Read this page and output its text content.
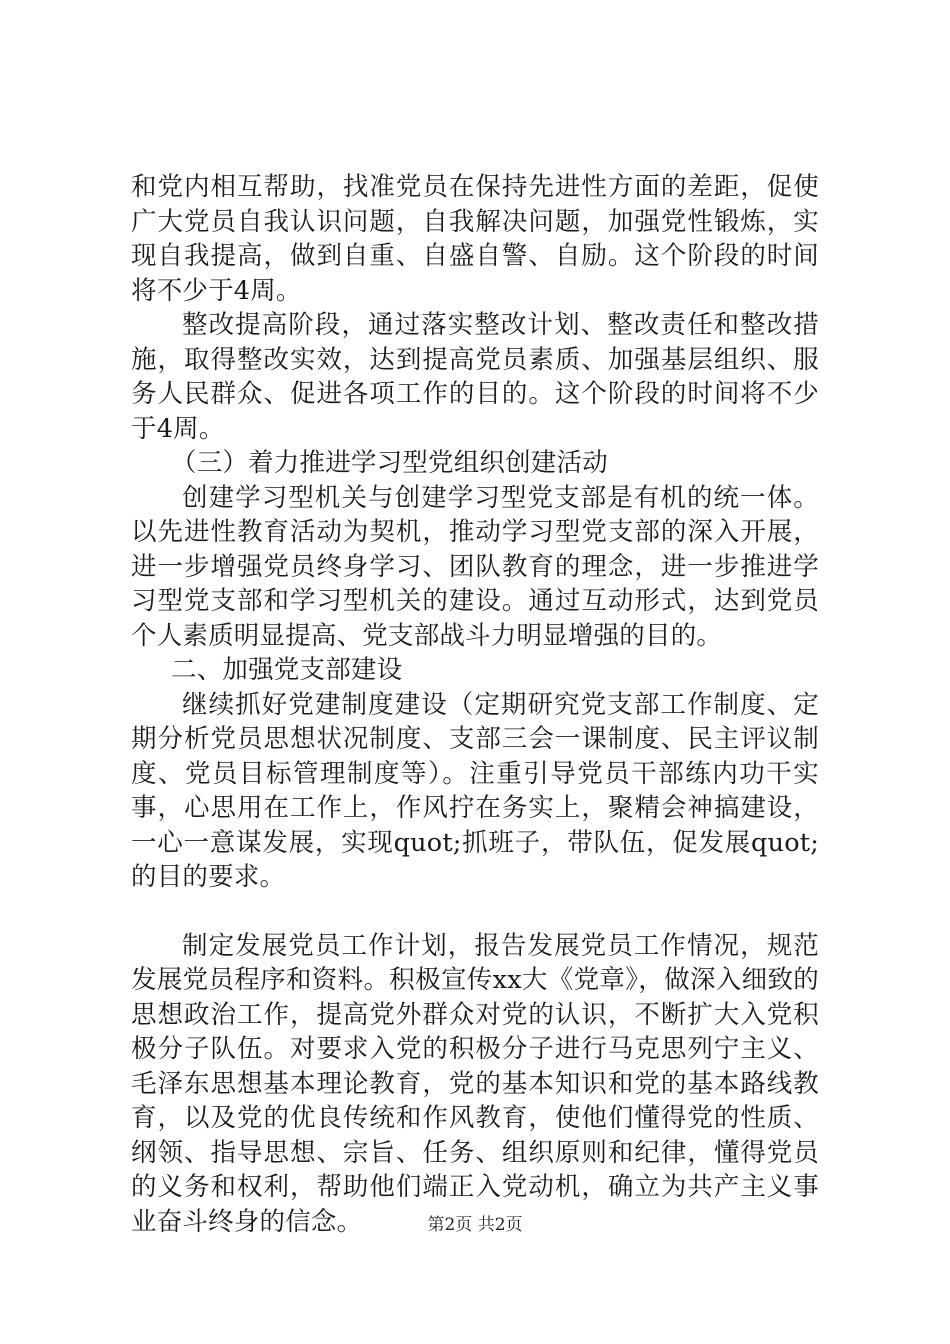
和党内相互帮助，找准党员在保持先进性方面的差距，促使广大党员自我认识问题，自我解决问题，加强党性锻炼，实现自我提高，做到自重、自盛自警、自励。这个阶段的时间将不少于4周。

整改提高阶段，通过落实整改计划、整改责任和整改措施，取得整改实效，达到提高党员素质、加强基层组织、服务人民群众、促进各项工作的目的。这个阶段的时间将不少于4周。

（三）着力推进学习型党组织创建活动

创建学习型机关与创建学习型党支部是有机的统一体。以先进性教育活动为契机，推动学习型党支部的深入开展，进一步增强党员终身学习、团队教育的理念，进一步推进学习型党支部和学习型机关的建设。通过互动形式，达到党员个人素质明显提高、党支部战斗力明显增强的目的。

二、加强党支部建设

继续抓好党建制度建设（定期研究党支部工作制度、定期分析党员思想状况制度、支部三会一课制度、民主评议制度、党员目标管理制度等）。注重引导党员干部练内功干实事，心思用在工作上，作风拧在务实上，聚精会神搞建设，一心一意谋发展，实现quot;抓班子，带队伍，促发展quot;的目的要求。

制定发展党员工作计划，报告发展党员工作情况，规范发展党员程序和资料。积极宣传xx大《党章》，做深入细致的思想政治工作，提高党外群众对党的认识，不断扩大入党积极分子队伍。对要求入党的积极分子进行马克思列宁主义、毛泽东思想基本理论教育，党的基本知识和党的基本路线教育，以及党的优良传统和作风教育，使他们懂得党的性质、纲领、指导思想、宗旨、任务、组织原则和纪律，懂得党员的义务和权利，帮助他们端正入党动机，确立为共产主义事业奋斗终身的信念。	第2页 共2页
